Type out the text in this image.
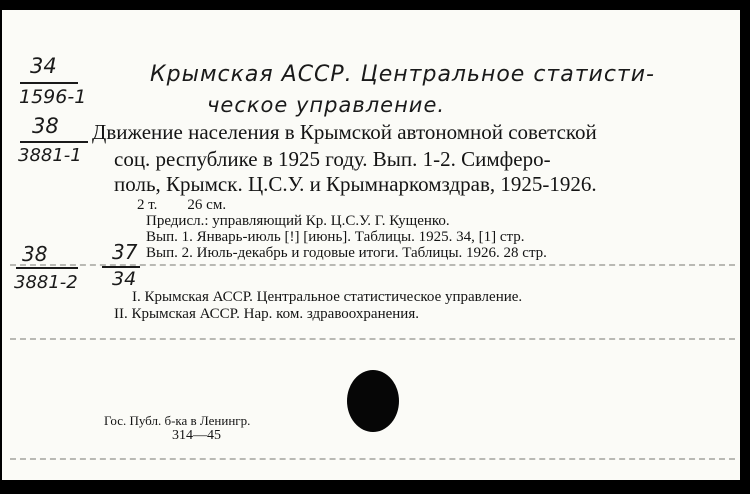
34
1596-1
Крымская АССР. Центральное статисти-
ческое управление.
38
3881-1
38
3881-2
37
34
Движение населения в Крымской автономной советской
соц. республике в 1925 году. Вып. 1-2. Симферо-
поль, Крымск. Ц.С.У. и Крымнаркомздрав, 1925-1926.
2 т.        26 см.
Предисл.: управляющий Кр. Ц.С.У. Г. Кущенко.
Вып. 1. Январь-июль [!] [июнь]. Таблицы. 1925. 34, [1] стр.
Вып. 2. Июль-декабрь и годовые итоги. Таблицы. 1926. 28 стр.
I. Крымская АССР. Центральное статистическое управление.
II. Крымская АССР. Нар. ком. здравоохранения.
Гос. Публ. б-ка в Ленингр.
314—45
